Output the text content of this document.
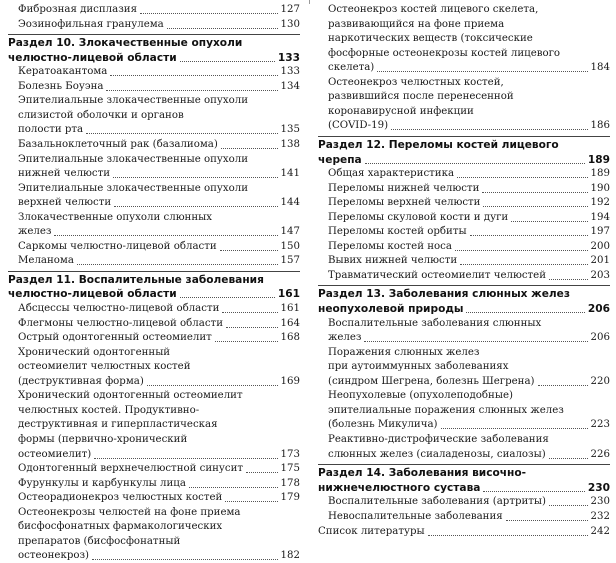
Фиброзная дисплазия	127
Эозинофильная гранулема	130
Раздел 10. Злокачественные опухоли
челюстно-лицевой области	133
Кератоакантома	133
Болезнь Боуэна	134
Эпителиальные злокачественные опухоли
слизистой оболочки и органов
полости рта	135
Базальноклеточный рак (базалиома)	138
Эпителиальные злокачественные опухоли
нижней челюсти	141
Эпителиальные злокачественные опухоли
верхней челюсти	144
Злокачественные опухоли слюнных
желез	147
Саркомы челюстно-лицевой области	150
Меланома	157
Раздел 11. Воспалительные заболевания
челюстно-лицевой области	161
Абсцессы челюстно-лицевой области	161
Флегмоны челюстно-лицевой области	164
Острый одонтогенный остеомиелит	168
Хронический одонтогенный
остеомиелит челюстных костей
(деструктивная форма)	169
Хронический одонтогенный остеомиелит
челюстных костей. Продуктивно-
деструктивная и гиперпластическая
формы (первично-хронический
остеомиелит)	173
Одонтогенный верхнечелюстной синусит	175
Фурункулы и карбункулы лица	178
Остеорадионекроз челюстных костей	179
Остеонекрозы челюстей на фоне приема
бисфосфонатных фармакологических
препаратов (бисфосфонатный
остеонекроз)	182
Остеонекроз костей лицевого скелета,
развивающийся на фоне приема
наркотических веществ (токсические
фосфорные остеонекрозы костей лицевого
скелета)	184
Остеонекроз челюстных костей,
развившийся после перенесенной
коронавирусной инфекции
(COVID-19)	186
Раздел 12. Переломы костей лицевого
черепа	189
Общая характеристика	189
Переломы нижней челюсти	190
Переломы верхней челюсти	192
Переломы скуловой кости и дуги	194
Переломы костей орбиты	197
Переломы костей носа	200
Вывих нижней челюсти	201
Травматический остеомиелит челюстей	203
Раздел 13. Заболевания слюнных желез
неопухолевой природы	206
Воспалительные заболевания слюнных
желез	206
Поражения слюнных желез
при аутоиммунных заболеваниях
(синдром Шегрена, болезнь Шегрена)	220
Неопухолевые (опухолеподобные)
эпителиальные поражения слюнных желез
(болезнь Микулича)	223
Реактивно-дистрофические заболевания
слюнных желез (сиаладенозы, сиалозы)	226
Раздел 14. Заболевания височно-
нижнечелюстного сустава	230
Воспалительные заболевания (артриты)	230
Невоспалительные заболевания	232
Список литературы	242
